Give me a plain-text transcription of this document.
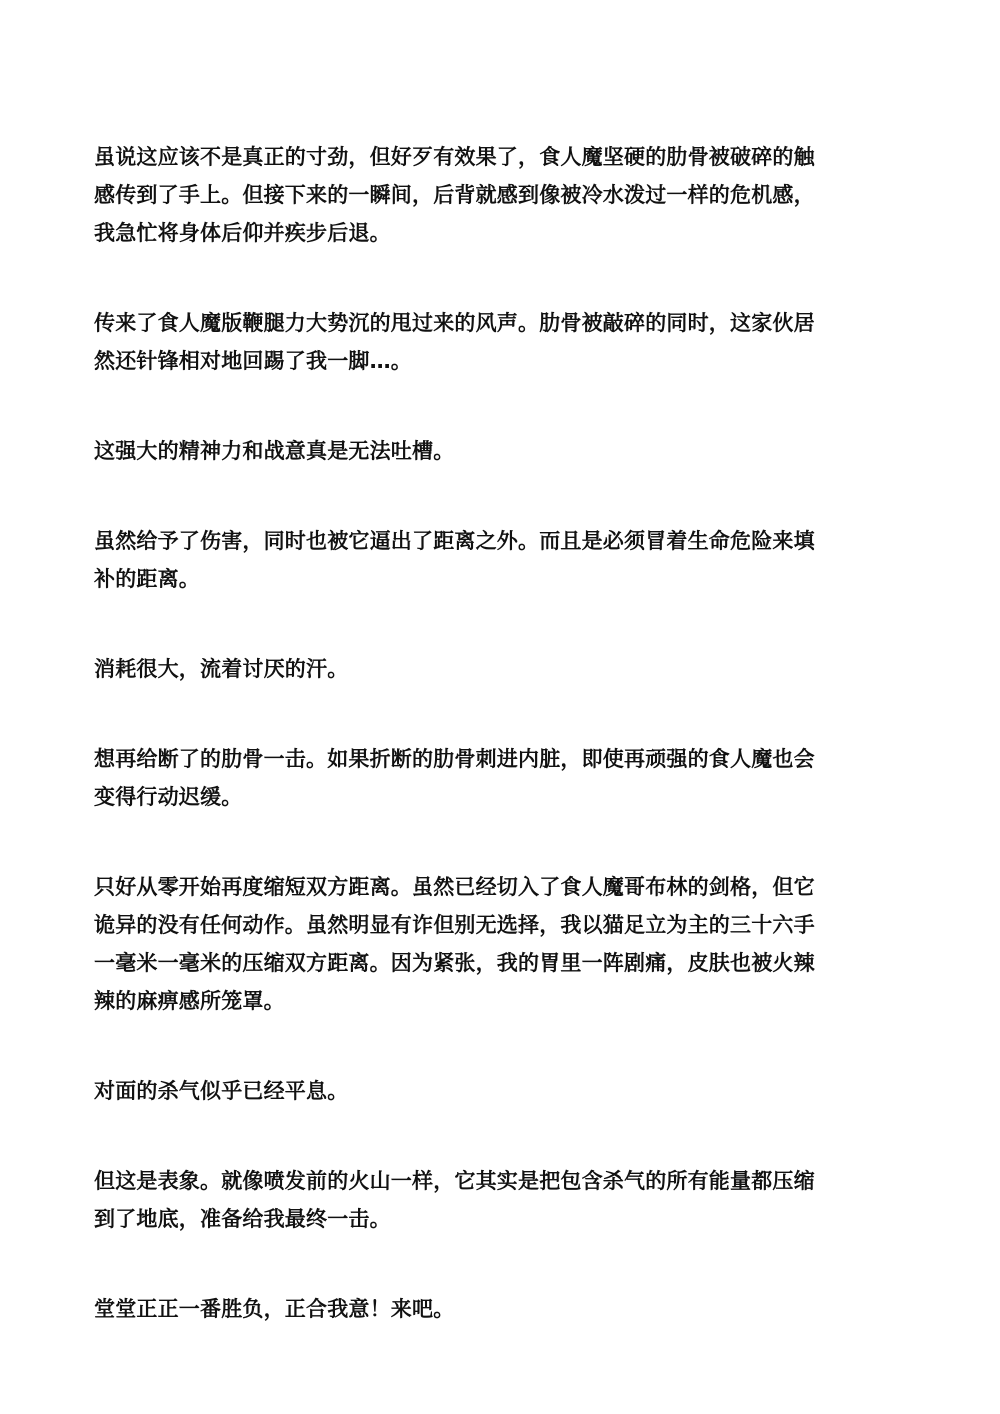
虽说这应该不是真正的寸劲，但好歹有效果了，食人魔坚硬的肋骨被破碎的触
感传到了手上。但接下来的一瞬间，后背就感到像被冷水泼过一样的危机感，
我急忙将身体后仰并疾步后退。

传来了食人魔版鞭腿力大势沉的甩过来的风声。肋骨被敲碎的同时，这家伙居
然还针锋相对地回踢了我一脚…。

这强大的精神力和战意真是无法吐槽。

虽然给予了伤害，同时也被它逼出了距离之外。而且是必须冒着生命危险来填
补的距离。

消耗很大，流着讨厌的汗。

想再给断了的肋骨一击。如果折断的肋骨刺进内脏，即使再顽强的食人魔也会
变得行动迟缓。

只好从零开始再度缩短双方距离。虽然已经切入了食人魔哥布林的剑格，但它
诡异的没有任何动作。虽然明显有诈但别无选择，我以猫足立为主的三十六手
一毫米一毫米的压缩双方距离。因为紧张，我的胃里一阵剧痛，皮肤也被火辣
辣的麻痹感所笼罩。

对面的杀气似乎已经平息。

但这是表象。就像喷发前的火山一样，它其实是把包含杀气的所有能量都压缩
到了地底，准备给我最终一击。

堂堂正正一番胜负，正合我意！来吧。
